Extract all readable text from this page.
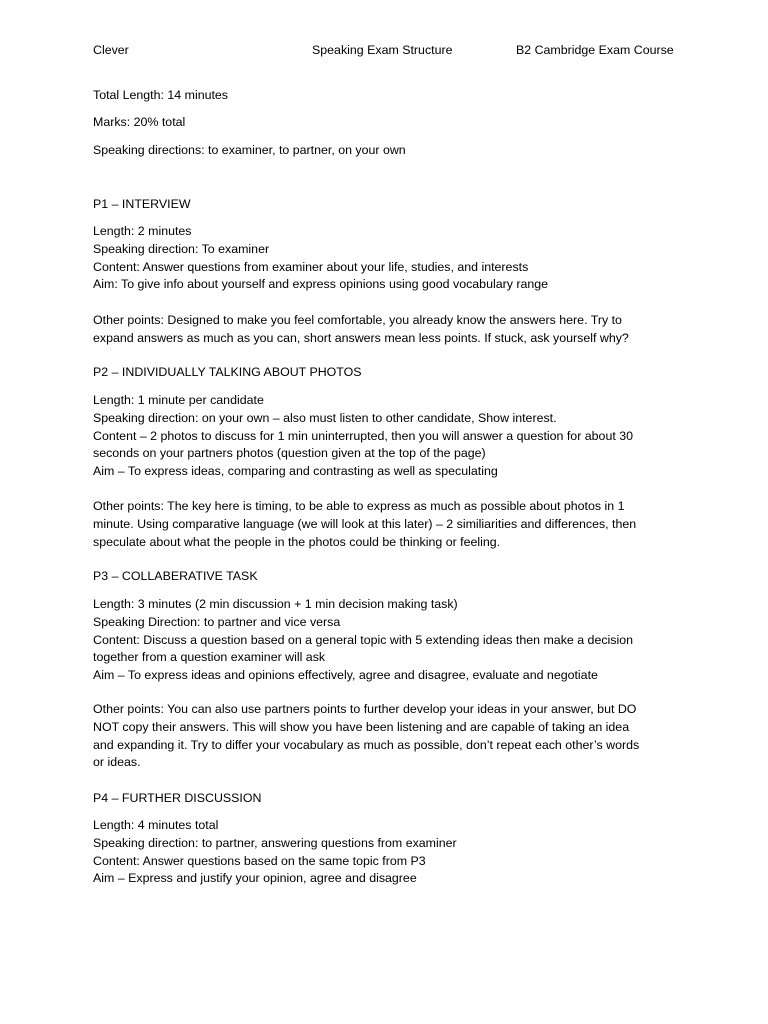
Clever	Speaking Exam Structure	B2 Cambridge Exam Course
Total Length: 14 minutes
Marks: 20% total
Speaking directions: to examiner, to partner, on your own
P1 – INTERVIEW
Length: 2 minutes
Speaking direction: To examiner
Content: Answer questions from examiner about your life, studies, and interests
Aim: To give info about yourself and express opinions using good vocabulary range
Other points: Designed to make you feel comfortable, you already know the answers here. Try to
expand answers as much as you can, short answers mean less points. If stuck, ask yourself why?
P2 – INDIVIDUALLY TALKING ABOUT PHOTOS
Length: 1 minute per candidate
Speaking direction: on your own – also must listen to other candidate, Show interest.
Content – 2 photos to discuss for 1 min uninterrupted, then you will answer a question for about 30
seconds on your partners photos (question given at the top of the page)
Aim – To express ideas, comparing and contrasting as well as speculating
Other points: The key here is timing, to be able to express as much as possible about photos in 1
minute. Using comparative language (we will look at this later) – 2 similiarities and differences, then
speculate about what the people in the photos could be thinking or feeling.
P3 – COLLABERATIVE TASK
Length: 3 minutes (2 min discussion + 1 min decision making task)
Speaking Direction: to partner and vice versa
Content: Discuss a question based on a general topic with 5 extending ideas then make a decision
together from a question examiner will ask
Aim – To express ideas and opinions effectively, agree and disagree, evaluate and negotiate
Other points: You can also use partners points to further develop your ideas in your answer, but DO
NOT copy their answers. This will show you have been listening and are capable of taking an idea
and expanding it. Try to differ your vocabulary as much as possible, don’t repeat each other’s words
or ideas.
P4 – FURTHER DISCUSSION
Length: 4 minutes total
Speaking direction: to partner, answering questions from examiner
Content: Answer questions based on the same topic from P3
Aim – Express and justify your opinion, agree and disagree
